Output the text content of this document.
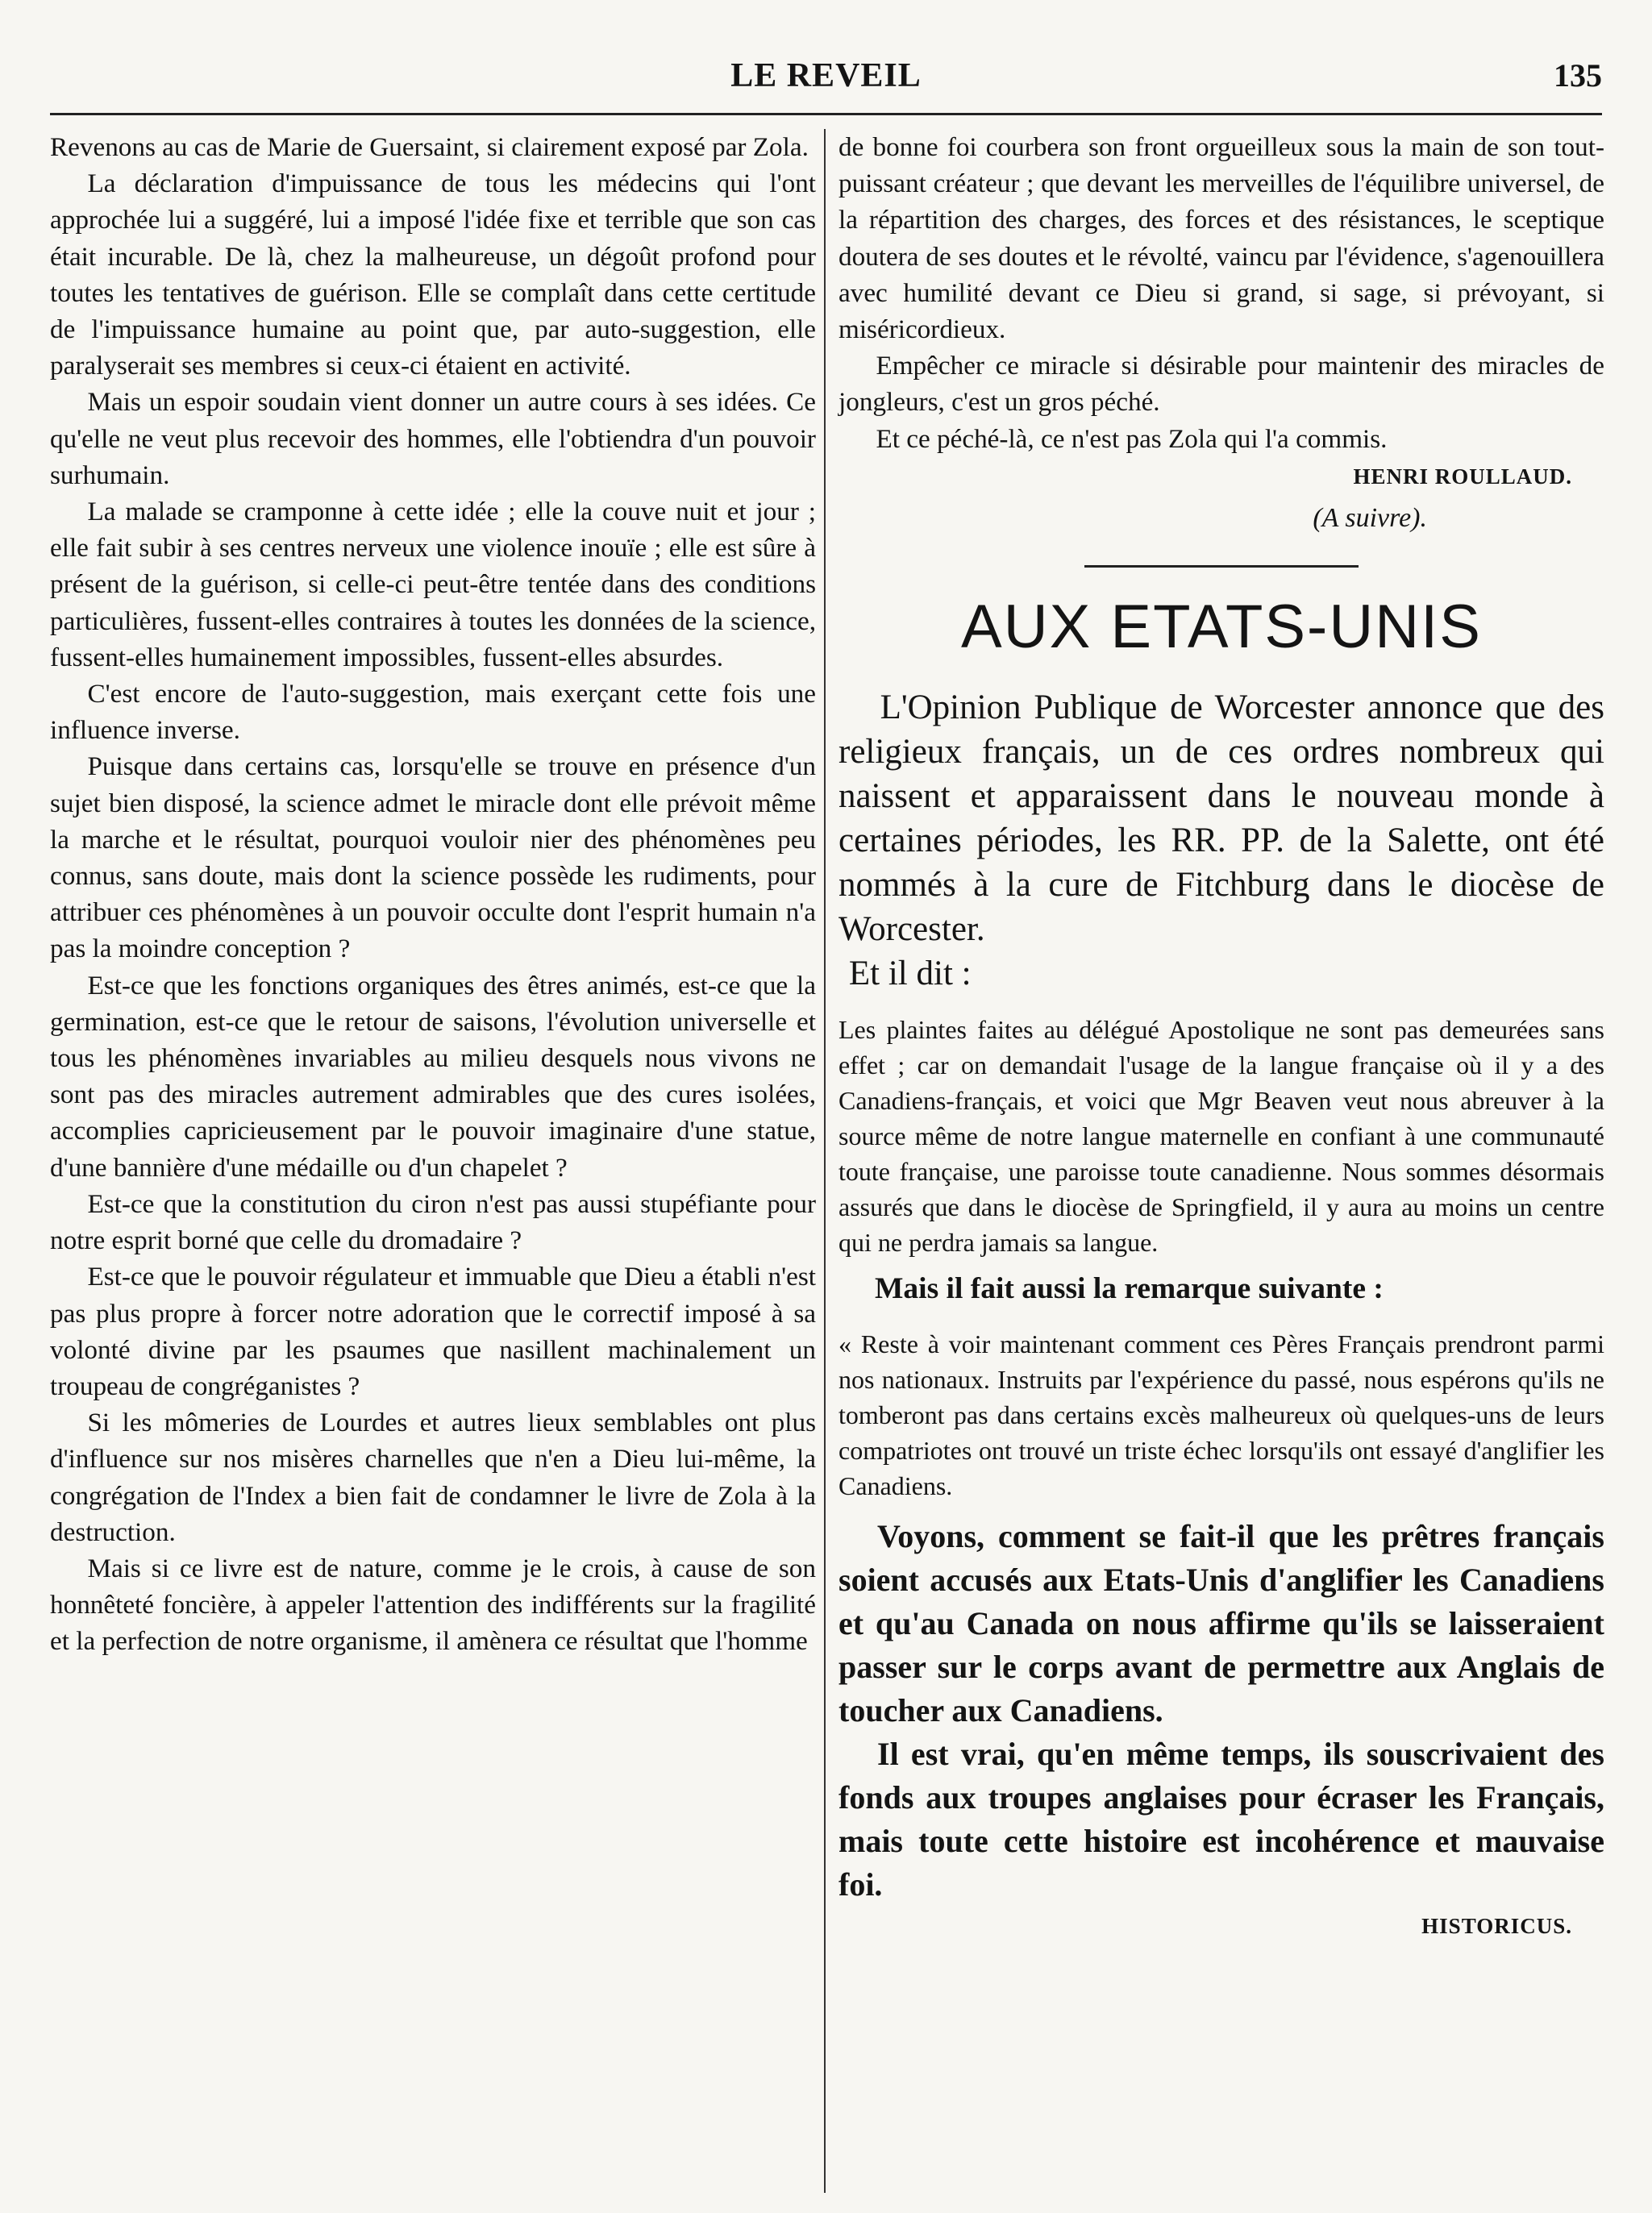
LE REVEIL	135

Revenons au cas de Marie de Guersaint, si clairement exposé par Zola.

La déclaration d'impuissance de tous les médecins qui l'ont approchée lui a suggéré, lui a imposé l'idée fixe et terrible que son cas était incurable. De là, chez la malheureuse, un dégoût profond pour toutes les tentatives de guérison. Elle se complaît dans cette certitude de l'impuissance humaine au point que, par auto-suggestion, elle paralyserait ses membres si ceux-ci étaient en activité.

Mais un espoir soudain vient donner un autre cours à ses idées. Ce qu'elle ne veut plus recevoir des hommes, elle l'obtiendra d'un pouvoir surhumain.

La malade se cramponne à cette idée ; elle la couve nuit et jour ; elle fait subir à ses centres nerveux une violence inouïe ; elle est sûre à présent de la guérison, si celle-ci peut-être tentée dans des conditions particulières, fussent-elles contraires à toutes les données de la science, fussent-elles humainement impossibles, fussent-elles absurdes.

C'est encore de l'auto-suggestion, mais exerçant cette fois une influence inverse.

Puisque dans certains cas, lorsqu'elle se trouve en présence d'un sujet bien disposé, la science admet le miracle dont elle prévoit même la marche et le résultat, pourquoi vouloir nier des phénomènes peu connus, sans doute, mais dont la science possède les rudiments, pour attribuer ces phénomènes à un pouvoir occulte dont l'esprit humain n'a pas la moindre conception ?

Est-ce que les fonctions organiques des êtres animés, est-ce que la germination, est-ce que le retour de saisons, l'évolution universelle et tous les phénomènes invariables au milieu desquels nous vivons ne sont pas des miracles autrement admirables que des cures isolées, accomplies capricieusement par le pouvoir imaginaire d'une statue, d'une bannière d'une médaille ou d'un chapelet ?

Est-ce que la constitution du ciron n'est pas aussi stupéfiante pour notre esprit borné que celle du dromadaire ?

Est-ce que le pouvoir régulateur et immuable que Dieu a établi n'est pas plus propre à forcer notre adoration que le correctif imposé à sa volonté divine par les psaumes que nasillent machinalement un troupeau de congréganistes ?

Si les mômeries de Lourdes et autres lieux semblables ont plus d'influence sur nos misères charnelles que n'en a Dieu lui-même, la congrégation de l'Index a bien fait de condamner le livre de Zola à la destruction.

Mais si ce livre est de nature, comme je le crois, à cause de son honnêteté foncière, à appeler l'attention des indifférents sur la fragilité et la perfection de notre organisme, il amènera ce résultat que l'homme

de bonne foi courbera son front orgueilleux sous la main de son tout-puissant créateur ; que devant les merveilles de l'équilibre universel, de la répartition des charges, des forces et des résistances, le sceptique doutera de ses doutes et le révolté, vaincu par l'évidence, s'agenouillera avec humilité devant ce Dieu si grand, si sage, si prévoyant, si miséricordieux.

Empêcher ce miracle si désirable pour maintenir des miracles de jongleurs, c'est un gros péché.

Et ce péché-là, ce n'est pas Zola qui l'a commis.

HENRI ROULLAUD.
(A suivre).
AUX ETATS-UNIS

L'Opinion Publique de Worcester annonce que des religieux français, un de ces ordres nombreux qui naissent et apparaissent dans le nouveau monde à certaines périodes, les RR. PP. de la Salette, ont été nommés à la cure de Fitchburg dans le diocèse de Worcester.

Et il dit :

Les plaintes faites au délégué Apostolique ne sont pas demeurées sans effet ; car on demandait l'usage de la langue française où il y a des Canadiens-français, et voici que Mgr Beaven veut nous abreuver à la source même de notre langue maternelle en confiant à une communauté toute française, une paroisse toute canadienne. Nous sommes désormais assurés que dans le diocèse de Springfield, il y aura au moins un centre qui ne perdra jamais sa langue.

Mais il fait aussi la remarque suivante :

« Reste à voir maintenant comment ces Pères Français prendront parmi nos nationaux. Instruits par l'expérience du passé, nous espérons qu'ils ne tomberont pas dans certains excès malheureux où quelques-uns de leurs compatriotes ont trouvé un triste échec lorsqu'ils ont essayé d'anglifier les Canadiens.

Voyons, comment se fait-il que les prêtres français soient accusés aux Etats-Unis d'anglifier les Canadiens et qu'au Canada on nous affirme qu'ils se laisseraient passer sur le corps avant de permettre aux Anglais de toucher aux Canadiens.

Il est vrai, qu'en même temps, ils souscrivaient des fonds aux troupes anglaises pour écraser les Français, mais toute cette histoire est incohérence et mauvaise foi.

HISTORICUS.
